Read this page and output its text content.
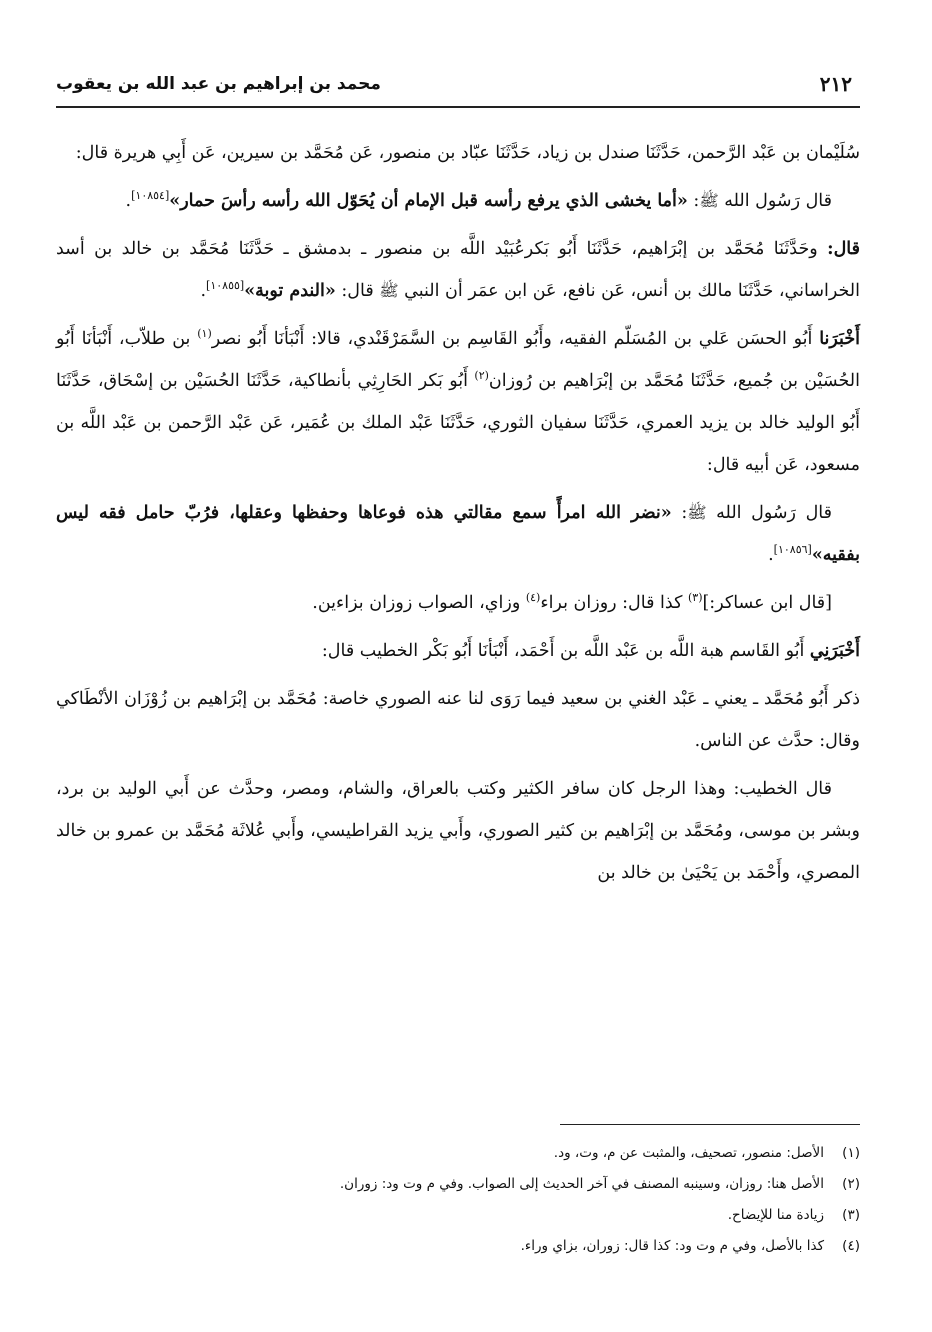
٢١٢
محمد بن إبراهيم بن عبد الله بن يعقوب

سُلَيْمان بن عَبْد الرَّحمن، حَدَّثَنَا صندل بن زياد، حَدَّثَنَا عبّاد بن منصور، عَن مُحَمَّد بن سيرين، عَن أَبِي هريرة قال:

قال رَسُول الله ﷺ: «أما يخشى الذي يرفع رأسه قبل الإمام أن يُحَوّل الله رأسه رأسَ حمار»[١٠٨٥٤].

قال: وحَدَّثَنَا مُحَمَّد بن إبْرَاهيم، حَدَّثَنَا أَبُو بَكرعُبَيْد اللَّه بن منصور ـ بدمشق ـ حَدَّثَنَا مُحَمَّد بن خالد بن أسد الخراساني، حَدَّثَنَا مالك بن أنس، عَن نافع، عَن ابن عمَر أن النبي ﷺ قال: «الندم توبة»[١٠٨٥٥].

أَخْبَرَنا أَبُو الحسَن عَلي بن المُسَلّم الفقيه، وأَبُو القَاسِم بن السَّمَرْقَنْدي، قالا: أَنْبَأنَا أَبُو نصر$^{(١)}$ بن طلاّب، أَنْبَأنَا أَبُو الحُسَيْن بن جُميع، حَدَّثَنَا مُحَمَّد بن إبْرَاهيم بن رُوزان$^{(٢)}$ أَبُو بَكر الحَارِثِي بأنطاكية، حَدَّثَنَا الحُسَيْن بن إسْحَاق، حَدَّثَنَا أَبُو الوليد خالد بن يزيد العمري، حَدَّثَنَا سفيان الثوري، حَدَّثَنَا عَبْد الملك بن عُمَير، عَن عَبْد الرَّحمن بن عَبْد اللَّه بن مسعود، عَن أبيه قال:

قال رَسُول الله ﷺ: «نضر الله امرأً سمع مقالتي هذه فوعاها وحفظها وعقلها، فرُبّ حامل فقه ليس بفقيه»[١٠٨٥٦].

[قال ابن عساكر:]$^{(٣)}$ كذا قال: روزان براء$^{(٤)}$ وزاي، الصواب زوزان بزاءين.

أَخْبَرَنِي أَبُو القَاسم هبة اللَّه بن عَبْد اللَّه بن أَحْمَد، أَنْبَأنَا أَبُو بَكْر الخطيب قال:

ذكر أَبُو مُحَمَّد ـ يعني ـ عَبْد الغني بن سعيد فيما رَوَى لنا عنه الصوري خاصة: مُحَمَّد بن إبْرَاهيم بن زُوْزَان الأنْطَاكي وقال: حدَّث عن الناس.

قال الخطيب: وهذا الرجل كان سافر الكثير وكتب بالعراق، والشام، ومصر، وحدَّث عن أَبي الوليد بن برد، وبشر بن موسى، ومُحَمَّد بن إبْرَاهيم بن كثير الصوري، وأَبي يزيد القراطيسي، وأَبي عُلاثَة مُحَمَّد بن عمرو بن خالد المصري، وأَحْمَد بن يَحْيَىٰ بن خالد بن

(١)
الأصل: منصور، تصحيف، والمثبت عن م، وت، ود.
(٢)
الأصل هنا: روزان، وسينبه المصنف في آخر الحديث إلى الصواب. وفي م وت ود: زوران.
(٣)
زيادة منا للإيضاح.
(٤)
كذا بالأصل، وفي م وت ود: كذا قال: زوران، بزاي وراء.
